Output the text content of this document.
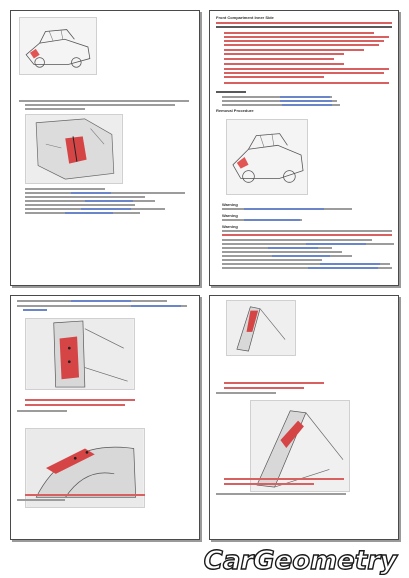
Front Compartment Inner Side
Removal Procedure
Warning
Warning
Warning
CarGeometry
